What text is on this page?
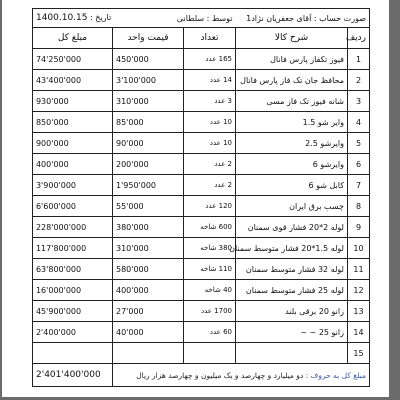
صورت حساب : آقای جعفریان نژاد1		توسط : سلطانی	تاریخ : 1400.10.15	
ردیف	شرح کالا	تعداد	قیمت واحد	مبلغ کل
1	فیوز تکفاز پارس فانال	165 عدد	450'000	74'250'000
2	محافظ جان تک فاز پارس فانال	14 عدد	3'100'000	43'400'000
3	شانه فیوز تک فاز مسی	3 عدد	310'000	930'000
4	وایر شو 1.5	10 عدد	85'000	850'000
5	وایرشو 2.5	10 عدد	90'000	900'000
6	وایرشو 6	2 عدد	200'000	400'000
7	کابل شو 6	2 عدد	1'950'000	3'900'000
8	چسب برق ایران	120 عدد	55'000	6'600'000
9	لوله 2*20 فشار قوی سمنان	600 شاخه	380'000	228'000'000
10	لوله 1.5*20 فشار متوسط سمنان	380 شاخه	310'000	117'800'000
11	لوله 32 فشار متوسط سمنان	110 شاخه	580'000	63'800'000
12	لوله 25 فشار متوسط سمنان	40 شاخه	400'000	16'000'000
13	زانو 20 برقی بلند	1700 عدد	27'000	45'900'000
14	زانو 25 ~ ~	60 عدد	40'000	2'400'000
15				
مبلغ کل به حروف : دو میلیارد و چهارصد و یک میلیون و چهارصد هزار ریال	2'401'400'000
